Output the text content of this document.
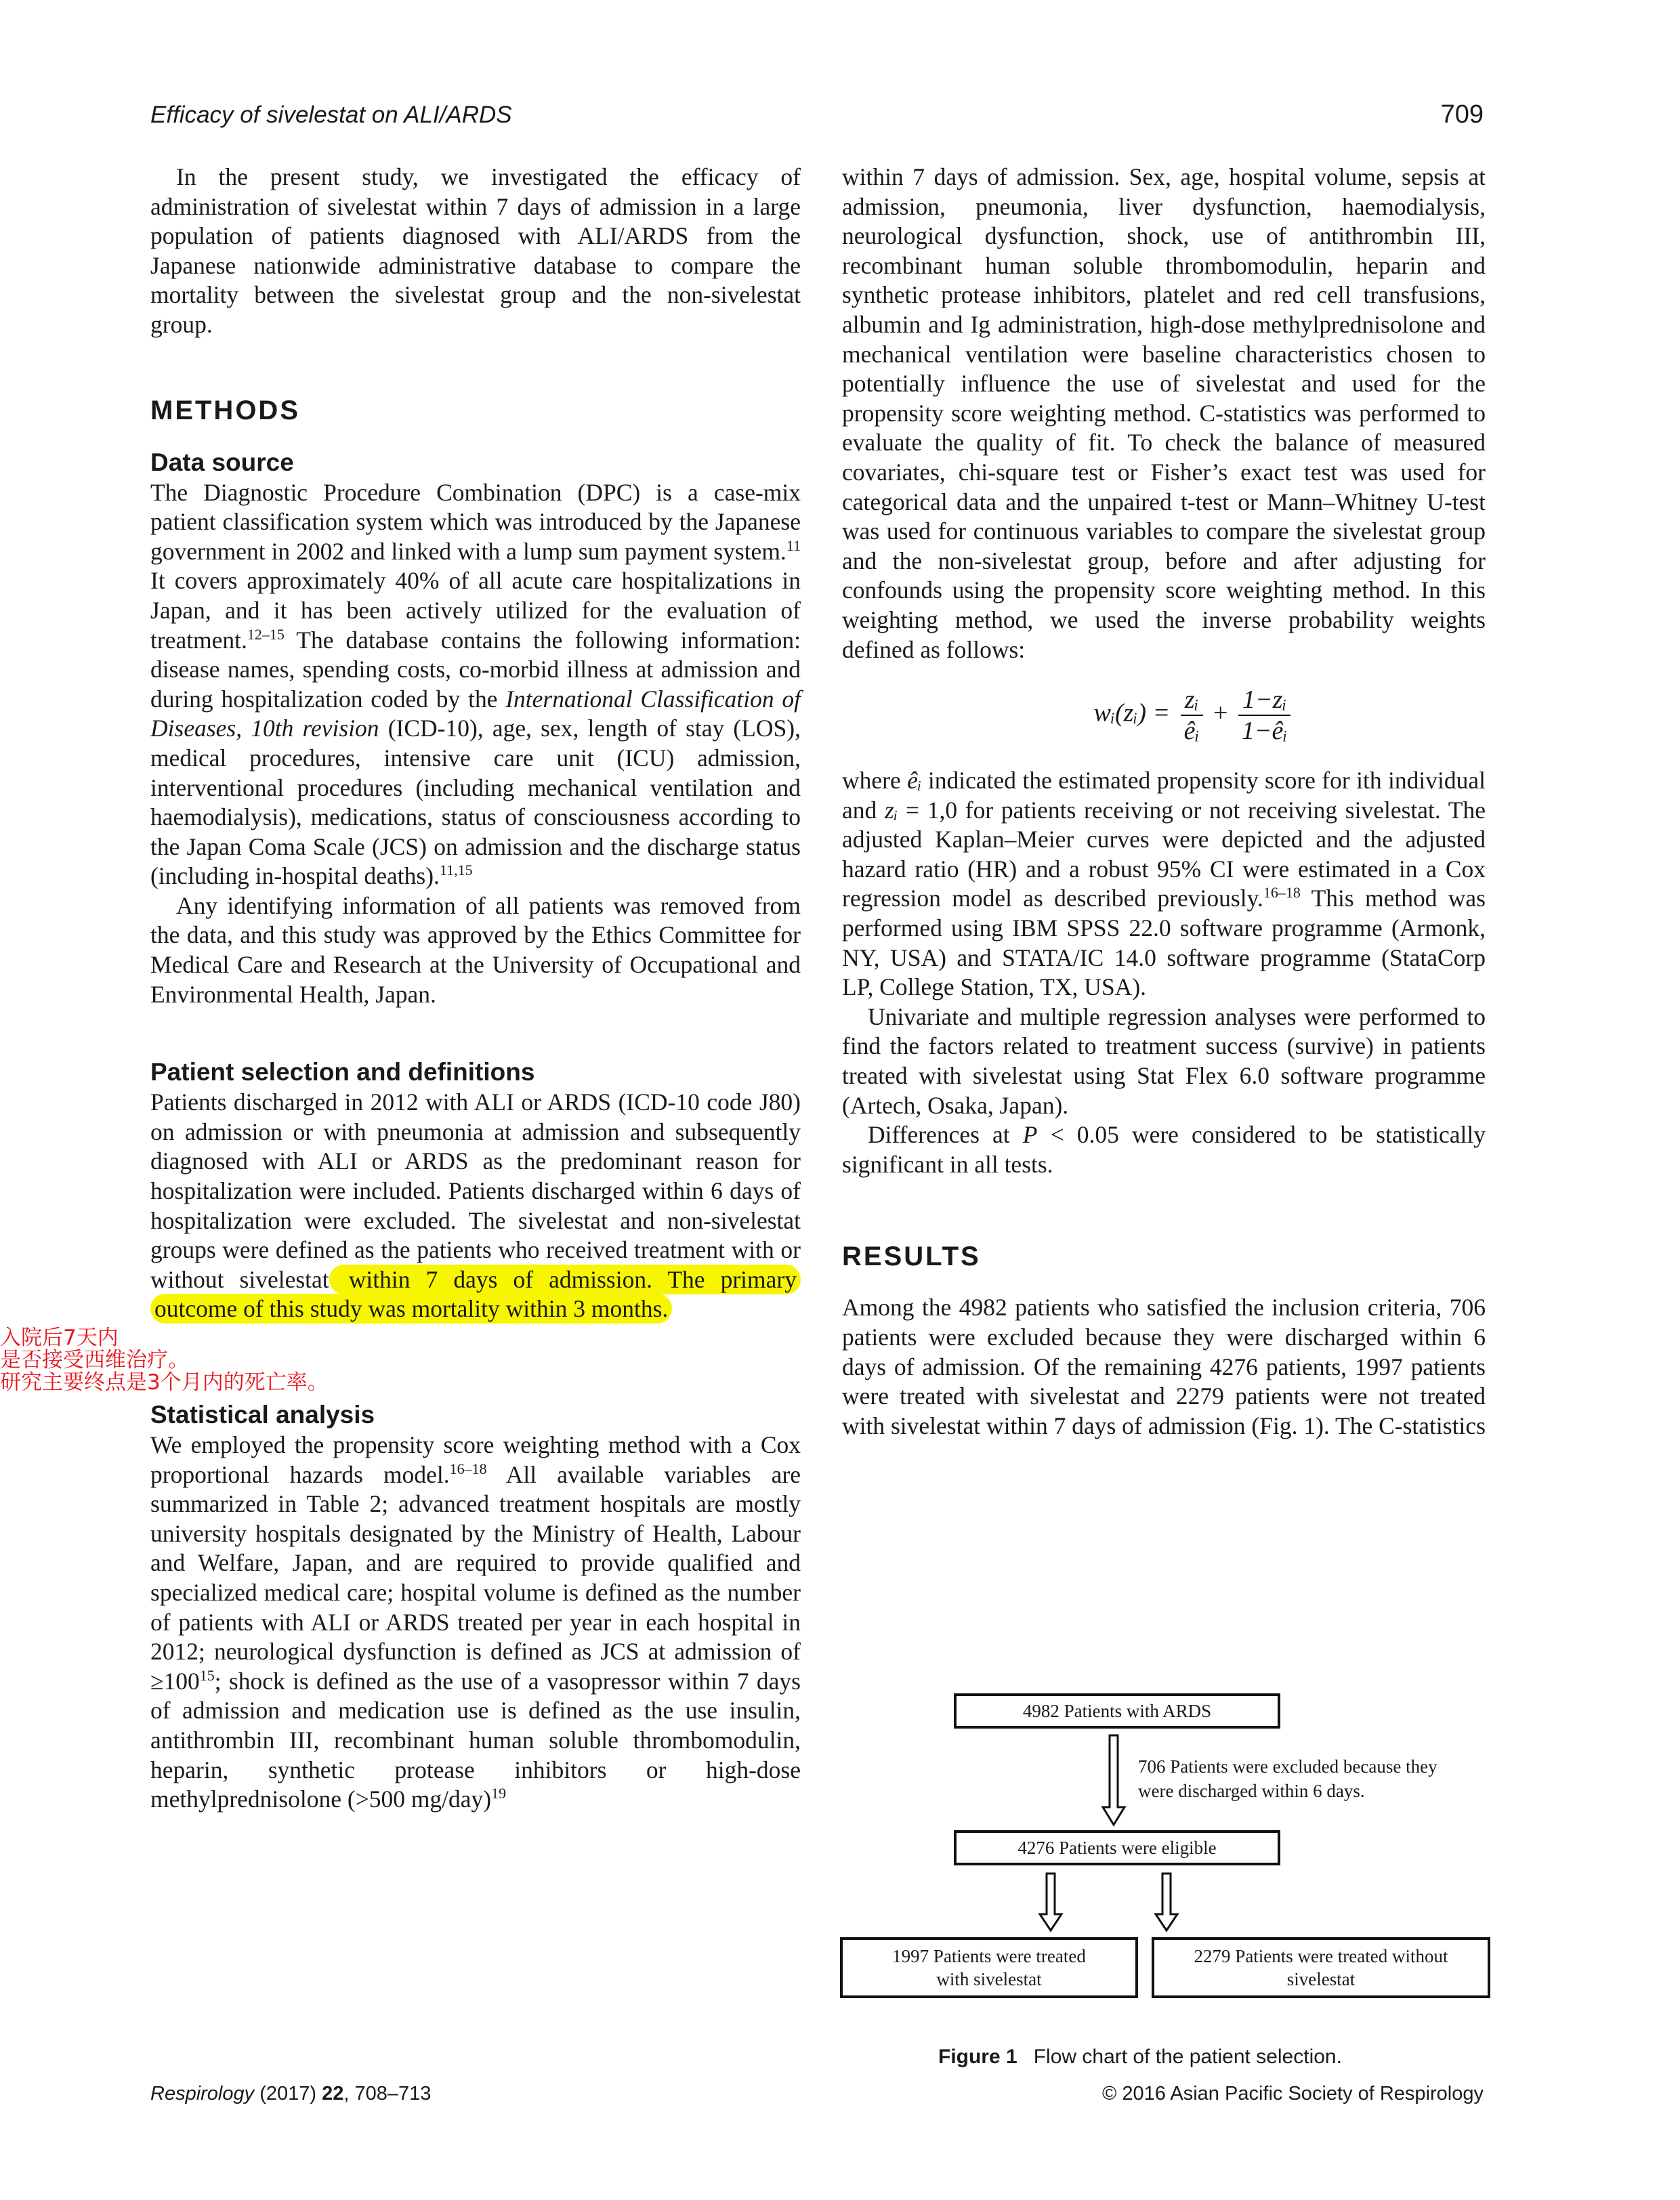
Efficacy of sivelestat on ALI/ARDS	709

In the present study, we investigated the efficacy of administration of sivelestat within 7 days of admission in a large population of patients diagnosed with ALI/ARDS from the Japanese nationwide administrative database to compare the mortality between the sivelestat group and the non-sivelestat group.

METHODS
Data source

The Diagnostic Procedure Combination (DPC) is a case-mix patient classification system which was introduced by the Japanese government in 2002 and linked with a lump sum payment system.$^{11}$ It covers approximately 40% of all acute care hospitalizations in Japan, and it has been actively utilized for the evaluation of treatment.$^{12-15}$ The database contains the following information: disease names, spending costs, co-morbid illness at admission and during hospitalization coded by the International Classification of Diseases, 10th revision (ICD-10), age, sex, length of stay (LOS), medical procedures, intensive care unit (ICU) admission, interventional procedures (including mechanical ventilation and haemodialysis), medications, status of consciousness according to the Japan Coma Scale (JCS) on admission and the discharge status (including in-hospital deaths).$^{11,15}$

Any identifying information of all patients was removed from the data, and this study was approved by the Ethics Committee for Medical Care and Research at the University of Occupational and Environmental Health, Japan.

Patient selection and definitions

Patients discharged in 2012 with ALI or ARDS (ICD-10 code J80) on admission or with pneumonia at admission and subsequently diagnosed with ALI or ARDS as the predominant reason for hospitalization were included. Patients discharged within 6 days of hospitalization were excluded. The sivelestat and non-sivelestat groups were defined as the patients who received treatment with or without sivelestat within 7 days of admission. The primary outcome of this study was mortality within 3 months.

Statistical analysis

We employed the propensity score weighting method with a Cox proportional hazards model.$^{16-18}$ All available variables are summarized in Table 2; advanced treatment hospitals are mostly university hospitals designated by the Ministry of Health, Labour and Welfare, Japan, and are required to provide qualified and specialized medical care; hospital volume is defined as the number of patients with ALI or ARDS treated per year in each hospital in 2012; neurological dysfunction is defined as JCS at admission of $\ge 100^{15}$; shock is defined as the use of a vasopressor within 7 days of admission and medication use is defined as the use insulin, antithrombin III, recombinant human soluble thrombomodulin, heparin, synthetic protease inhibitors or high-dose methylprednisolone (>500 mg/day)$^{19}$

入院后7天内
是否接受西维治疗。
研究主要终点是3个月内的死亡率。

within 7 days of admission. Sex, age, hospital volume, sepsis at admission, pneumonia, liver dysfunction, haemodialysis, neurological dysfunction, shock, use of antithrombin III, recombinant human soluble thrombomodulin, heparin and synthetic protease inhibitors, platelet and red cell transfusions, albumin and Ig administration, high-dose methylprednisolone and mechanical ventilation were baseline characteristics chosen to potentially influence the use of sivelestat and used for the propensity score weighting method. C-statistics was performed to evaluate the quality of fit. To check the balance of measured covariates, chi-square test or Fisher’s exact test was used for categorical data and the unpaired t-test or Mann–Whitney U-test was used for continuous variables to compare the sivelestat group and the non-sivelestat group, before and after adjusting for confounds using the propensity score weighting method. In this weighting method, we used the inverse probability weights defined as follows:

wᵢ(zᵢ) = $\frac{\text{zᵢ}}{\text{êᵢ}} + \frac{\text{1−zᵢ}}{\text{1−êᵢ}}$

where êᵢ indicated the estimated propensity score for ith individual and zᵢ = 1,0 for patients receiving or not receiving sivelestat. The adjusted Kaplan–Meier curves were depicted and the adjusted hazard ratio (HR) and a robust 95% CI were estimated in a Cox regression model as described previously.$^{16-18}$ This method was performed using IBM SPSS 22.0 software programme (Armonk, NY, USA) and STATA/IC 14.0 software programme (StataCorp LP, College Station, TX, USA).

Univariate and multiple regression analyses were performed to find the factors related to treatment success (survive) in patients treated with sivelestat using Stat Flex 6.0 software programme (Artech, Osaka, Japan).

Differences at P < 0.05 were considered to be statistically significant in all tests.

RESULTS

Among the 4982 patients who satisfied the inclusion criteria, 706 patients were excluded because they were discharged within 6 days of admission. Of the remaining 4276 patients, 1997 patients were treated with sivelestat and 2279 patients were not treated with sivelestat within 7 days of admission (Fig. 1). The C-statistics

4982 Patients with ARDS
706 Patients were excluded because they
were discharged within 6 days.
4276 Patients were eligible
1997 Patients were treated
with sivelestat
2279 Patients were treated without
sivelestat
Figure 1 Flow chart of the patient selection.
Respirology (2017) 22, 708–713	© 2016 Asian Pacific Society of Respirology
